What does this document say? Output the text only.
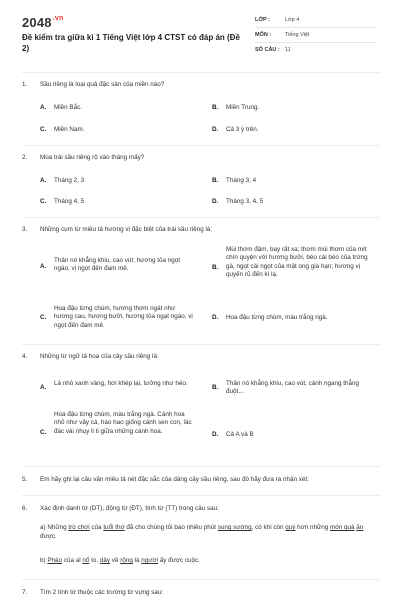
$2048^{.vn}$
Đề kiểm tra giữa kì 1 Tiếng Việt lớp 4 CTST có đáp án (Đề 2)
LỚP :	Lớp 4
MÔN :	Tiếng Việt
SỐ CÂU : 11
1.	Sầu riêng là loại quả đặc sản của miền nào?
A.	Miền Bắc.	B.	Miền Trung.
C.	Miền Nam.	D.	Cả 3 ý trên.
2.	Mùa trái sầu riêng rộ vào tháng mấy?
A.	Tháng 2, 3	B.	Tháng 3, 4
C.	Tháng 4, 5	D.	Tháng 3, 4, 5
3.	Những cụm từ miêu tả hương vị đặc biệt của trái sầu riêng là:
A.
Thân nó khẳng khiu, cao vút; hương tỏa ngọt ngào, vị ngọt đến đam mê.	B.
Mùi thơm đậm, bay rất xa; thơm mùi thơm của mít chín quyện với hương bưởi, béo cái béo của trứng gà, ngọt cái ngọt của mật ong già hạn; hương vị quyến rũ đến kì lạ.
C.
Hoa đậu từng chùm, hương thơm ngát như hương cau, hương bưởi, hương tỏa ngạt ngào, vị ngọt đến đam mê.
D.	Hoa đậu từng chùm, màu trắng ngà.
4.	Những từ ngữ tả hoa của cây sầu riêng là:
A.
Lá nhỏ xanh vàng, hơi khép lại, tưởng như héo.
B.
Thân nó khẳng khiu, cao vút, cành ngang thẳng đuột...
C.
Hoa đậu từng chùm, màu trắng ngà. Cánh hoa nhỏ như vảy cá, hao hao giống cánh sen con, lác đác vài nhụy li ti giữa những cánh hoa.	D.	Cả A và B
5.	Em hãy ghi lại câu văn miêu tả nét đặc sắc của dáng cây sầu riêng, sau đó hãy đưa ra nhận xét:
6.	Xác định danh từ (DT), động từ (ĐT), tính từ (TT) trong câu sau:
a) Những trò chơi của tuổi thơ đã cho chúng tôi bao nhiêu phút sung sướng, có khi còn quý hơn những món quà ăn được.
b) Pháo của ai nổ to, dây về rộng là người ấy được cuộc.
7.	Tìm 2 tính từ thuộc các trường từ vựng sau:
